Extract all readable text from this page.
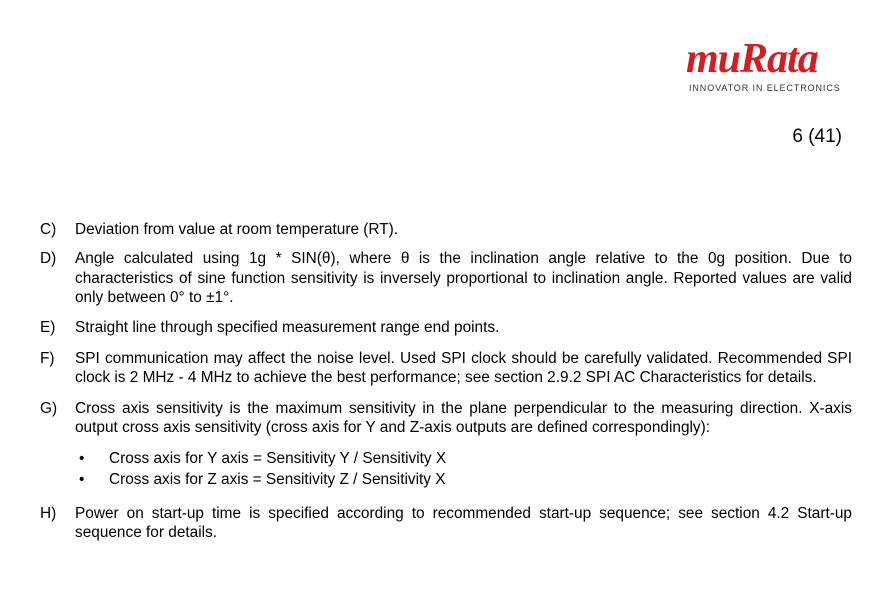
muRata
INNOVATOR IN ELECTRONICS
6 (41)
C)	Deviation from value at room temperature (RT).
D)	Angle calculated using 1g * SIN(θ), where θ is the inclination angle relative to the 0g position. Due to characteristics of sine function sensitivity is inversely proportional to inclination angle. Reported values are valid only between 0° to ±1°.
E)	Straight line through specified measurement range end points.
F)	SPI communication may affect the noise level. Used SPI clock should be carefully validated. Recommended SPI clock is 2 MHz - 4 MHz to achieve the best performance; see section 2.9.2 SPI AC Characteristics for details.
G)	Cross axis sensitivity is the maximum sensitivity in the plane perpendicular to the measuring direction. X-axis output cross axis sensitivity (cross axis for Y and Z-axis outputs are defined correspondingly):
•	Cross axis for Y axis = Sensitivity Y / Sensitivity X
•	Cross axis for Z axis = Sensitivity Z / Sensitivity X
H)	Power on start-up time is specified according to recommended start-up sequence; see section 4.2 Start-up sequence for details.
